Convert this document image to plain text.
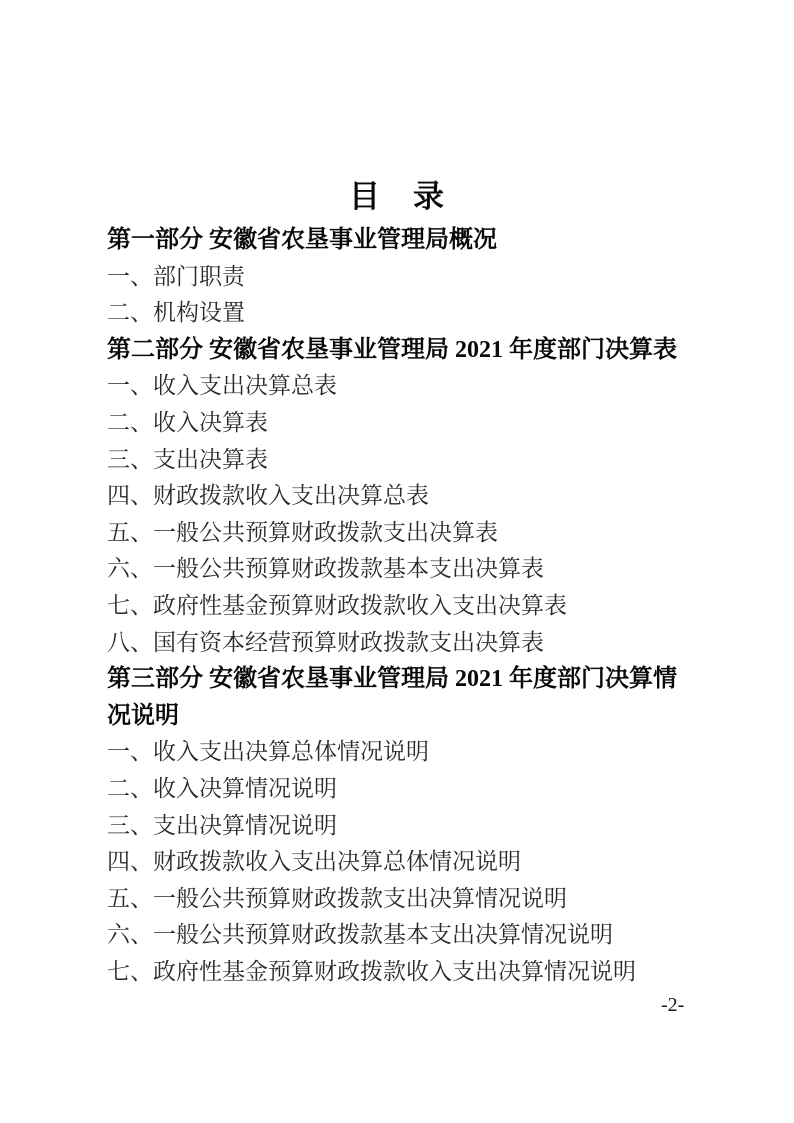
目　录
第一部分 安徽省农垦事业管理局概况
一、部门职责
二、机构设置
第二部分 安徽省农垦事业管理局 2021 年度部门决算表
一、收入支出决算总表
二、收入决算表
三、支出决算表
四、财政拨款收入支出决算总表
五、一般公共预算财政拨款支出决算表
六、一般公共预算财政拨款基本支出决算表
七、政府性基金预算财政拨款收入支出决算表
八、国有资本经营预算财政拨款支出决算表
第三部分 安徽省农垦事业管理局 2021 年度部门决算情
况说明
一、收入支出决算总体情况说明
二、收入决算情况说明
三、支出决算情况说明
四、财政拨款收入支出决算总体情况说明
五、一般公共预算财政拨款支出决算情况说明
六、一般公共预算财政拨款基本支出决算情况说明
七、政府性基金预算财政拨款收入支出决算情况说明
-2-
